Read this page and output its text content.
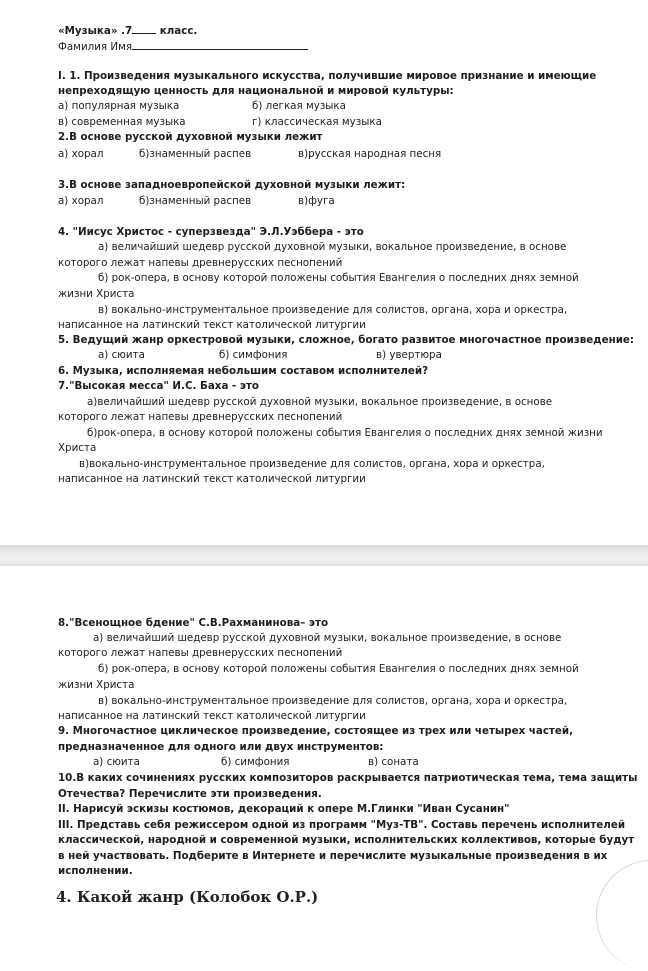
«Музыка» .7 класс.
Фамилия Имя
I. 1. Произведения музыкального искусства, получившие мировое признание и имеющие
непреходящую ценность для национальной и мировой культуры:
а) популярная музыка	б) легкая музыка
в) современная музыка	г) классическая музыка
2.В основе русской духовной музыки лежит
а) хорал	б)знаменный распев	в)русская народная песня
3.В основе западноевропейской духовной музыки лежит:
а) хорал	б)знаменный распев	в)фуга
4. "Иисус Христос - суперзвезда" Э.Л.Уэббера - это
а) величайший шедевр русской духовной музыки, вокальное произведение, в основе
которого лежат напевы древнерусских песнопений
б) рок-опера, в основу которой положены события Евангелия о последних днях земной
жизни Христа
в) вокально-инструментальное произведение для солистов, органа, хора и оркестра,
написанное на латинский текст католической литургии
5. Ведущий жанр оркестровой музыки, сложное, богато развитое многочастное произведение:
а) сюита	б) симфония	в) увертюра
6. Музыка, исполняемая небольшим составом исполнителей?
7."Высокая месса" И.С. Баха - это
а)величайший шедевр русской духовной музыки, вокальное произведение, в основе
которого лежат напевы древнерусских песнопений
б)рок-опера, в основу которой положены события Евангелия о последних днях земной жизни
Христа
в)вокально-инструментальное произведение для солистов, органа, хора и оркестра,
написанное на латинский текст католической литургии
8."Всенощное бдение" С.В.Рахманинова– это
а) величайший шедевр русской духовной музыки, вокальное произведение, в основе
которого лежат напевы древнерусских песнопений
б) рок-опера, в основу которой положены события Евангелия о последних днях земной
жизни Христа
в) вокально-инструментальное произведение для солистов, органа, хора и оркестра,
написанное на латинский текст католической литургии
9. Многочастное циклическое произведение, состоящее из трех или четырех частей,
предназначенное для одного или двух инструментов:
а) сюита	б) симфония	в) соната
10.В каких сочинениях русских композиторов раскрывается патриотическая тема, тема защиты
Отечества? Перечислите эти произведения.
II. Нарисуй эскизы костюмов, декораций к опере М.Глинки "Иван Сусанин"
III. Представь себя режиссером одной из программ "Муз-ТВ". Составь перечень исполнителей
классической, народной и современной музыки, исполнительских коллективов, которые будут
в ней участвовать. Подберите в Интернете и перечислите музыкальные произведения в их
исполнении.
4. Какой жанр (Колобок О.Р.)
